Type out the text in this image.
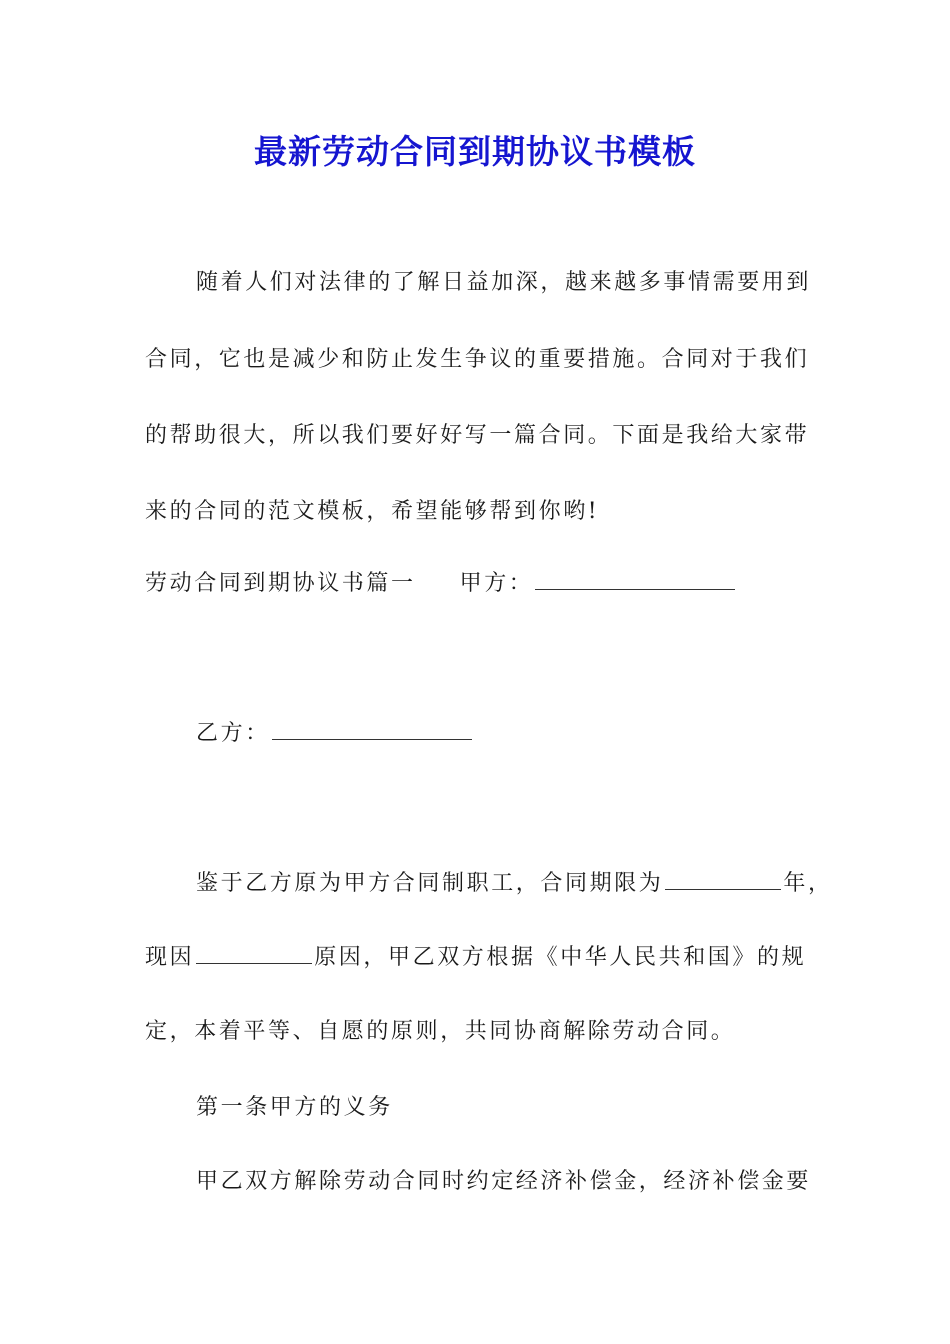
最新劳动合同到期协议书模板
随着人们对法律的了解日益加深，越来越多事情需要用到
合同，它也是减少和防止发生争议的重要措施。合同对于我们
的帮助很大，所以我们要好好写一篇合同。下面是我给大家带
来的合同的范文模板，希望能够帮到你哟!
劳动合同到期协议书篇一 甲方：
乙方：
鉴于乙方原为甲方合同制职工，合同期限为	年，
现因	原因，甲乙双方根据《中华人民共和国》的规
定，本着平等、自愿的原则，共同协商解除劳动合同。
第一条甲方的义务
甲乙双方解除劳动合同时约定经济补偿金，经济补偿金要
